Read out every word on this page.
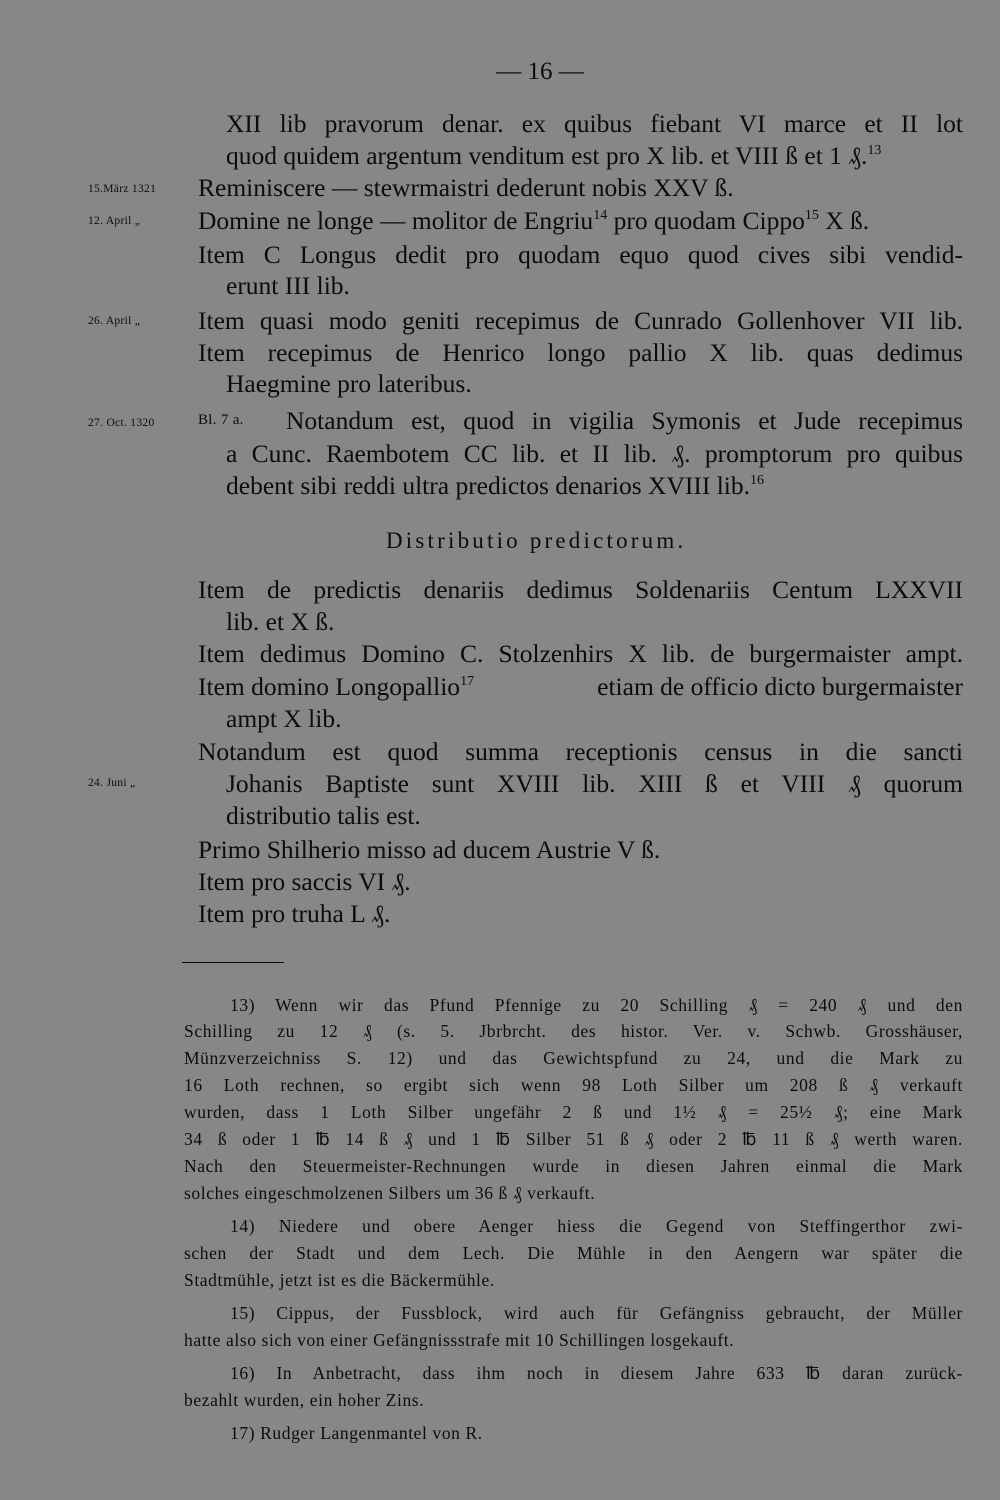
— 16 —
XII lib pravorum denar. ex quibus fiebant VI marce et II lot
quod quidem argentum venditum est pro X lib. et VIII ß et 1 ₰.$^{13}$
15.März 1321 Reminiscere — stewrmaistri dederunt nobis XXV ß.
12. April „ Domine ne longe — molitor de Engriu$^{14}$ pro quodam Cippo$^{15}$ X ß.
Item C Longus dedit pro quodam equo quod cives sibi vendid-
erunt III lib.
26. April „ Item quasi modo geniti recepimus de Cunrado Gollenhover VII lib.
Item recepimus de Henrico longo pallio X lib. quas dedimus
Haegmine pro lateribus.
27. Oct. 1320	Bl. 7 a. Notandum est, quod in vigilia Symonis et Jude recepimus
a Cunc. Raembotem CC lib. et II lib. ₰. promptorum pro quibus
debent sibi reddi ultra predictos denarios XVIII lib.$^{16}$
Distributio predictorum.
Item de predictis denariis dedimus Soldenariis Centum LXXVII
lib. et X ß.
Item dedimus Domino C. Stolzenhirs X lib. de burgermaister ampt.
Item domino Longopallio$^{17}$	etiam de officio dicto burgermaister
ampt X lib.
Notandum est quod summa receptionis census in die sancti
24. Juni „	Johanis Baptiste sunt XVIII lib. XIII ß et VIII ₰ quorum
distributio talis est.
Primo Shilherio misso ad ducem Austrie V ß.
Item pro saccis VI ₰.
Item pro truha L ₰.
13) Wenn wir das Pfund Pfennige zu 20 Schilling ₰ = 240 ₰ und den
Schilling zu 12 ₰ (s. 5. Jbrbrcht. des histor. Ver. v. Schwb. Grosshäuser,
Münzverzeichniss S. 12) und das Gewichtspfund zu 24, und die Mark zu
16 Loth rechnen, so ergibt sich wenn 98 Loth Silber um 208 ß ₰ verkauft
wurden, dass 1 Loth Silber ungefähr 2 ß und 1½ ₰ = 25½ ₰; eine Mark
34 ß oder 1 ℔ 14 ß ₰ und 1 ℔ Silber 51 ß ₰ oder 2 ℔ 11 ß ₰ werth waren.
Nach den Steuermeister-Rechnungen wurde in diesen Jahren einmal die Mark
solches eingeschmolzenen Silbers um 36 ß ₰ verkauft.
14) Niedere und obere Aenger hiess die Gegend von Steffingerthor zwi-
schen der Stadt und dem Lech. Die Mühle in den Aengern war später die
Stadtmühle, jetzt ist es die Bäckermühle.
15) Cippus, der Fussblock, wird auch für Gefängniss gebraucht, der Müller
hatte also sich von einer Gefängnissstrafe mit 10 Schillingen losgekauft.
16) In Anbetracht, dass ihm noch in diesem Jahre 633 ℔ daran zurück-
bezahlt wurden, ein hoher Zins.
17) Rudger Langenmantel von R.
